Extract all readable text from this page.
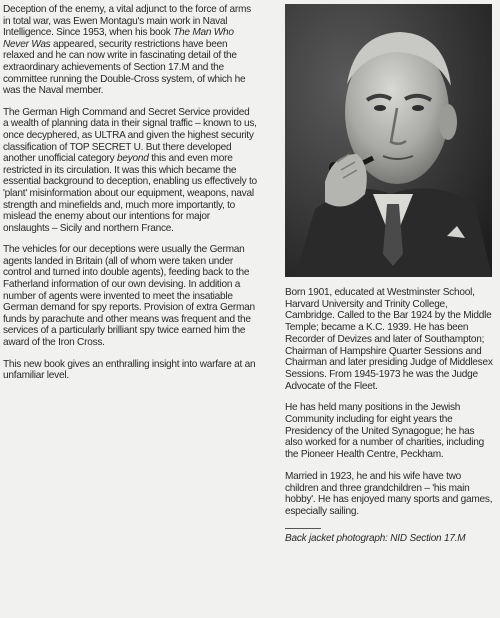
Deception of the enemy, a vital adjunct to the force of arms in total war, was Ewen Montagu's main work in Naval Intelligence. Since 1953, when his book The Man Who Never Was appeared, security restrictions have been relaxed and he can now write in fascinating detail of the extraordinary achievements of Section 17.M and the committee running the Double-Cross system, of which he was the Naval member.

The German High Command and Secret Service provided a wealth of planning data in their signal traffic – known to us, once decyphered, as ULTRA and given the highest security classification of TOP SECRET U. But there developed another unofficial category beyond this and even more restricted in its circulation. It was this which became the essential background to deception, enabling us effectively to 'plant' misinformation about our equipment, weapons, naval strength and minefields and, much more importantly, to mislead the enemy about our intentions for major onslaughts – Sicily and northern France.

The vehicles for our deceptions were usually the German agents landed in Britain (all of whom were taken under control and turned into double agents), feeding back to the Fatherland information of our own devising. In addition a number of agents were invented to meet the insatiable German demand for spy reports. Provision of extra German funds by parachute and other means was frequent and the services of a particularly brilliant spy twice earned him the award of the Iron Cross.

This new book gives an enthralling insight into warfare at an unfamiliar level.

Born 1901, educated at Westminster School, Harvard University and Trinity College, Cambridge. Called to the Bar 1924 by the Middle Temple; became a K.C. 1939. He has been Recorder of Devizes and later of Southampton; Chairman of Hampshire Quarter Sessions and Chairman and later presiding Judge of Middlesex Sessions. From 1945-1973 he was the Judge Advocate of the Fleet.

He has held many positions in the Jewish Community including for eight years the Presidency of the United Synagogue; he has also worked for a number of charities, including the Pioneer Health Centre, Peckham.

Married in 1923, he and his wife have two children and three grandchildren – 'his main hobby'. He has enjoyed many sports and games, especially sailing.

Back jacket photograph: NID Section 17.M
